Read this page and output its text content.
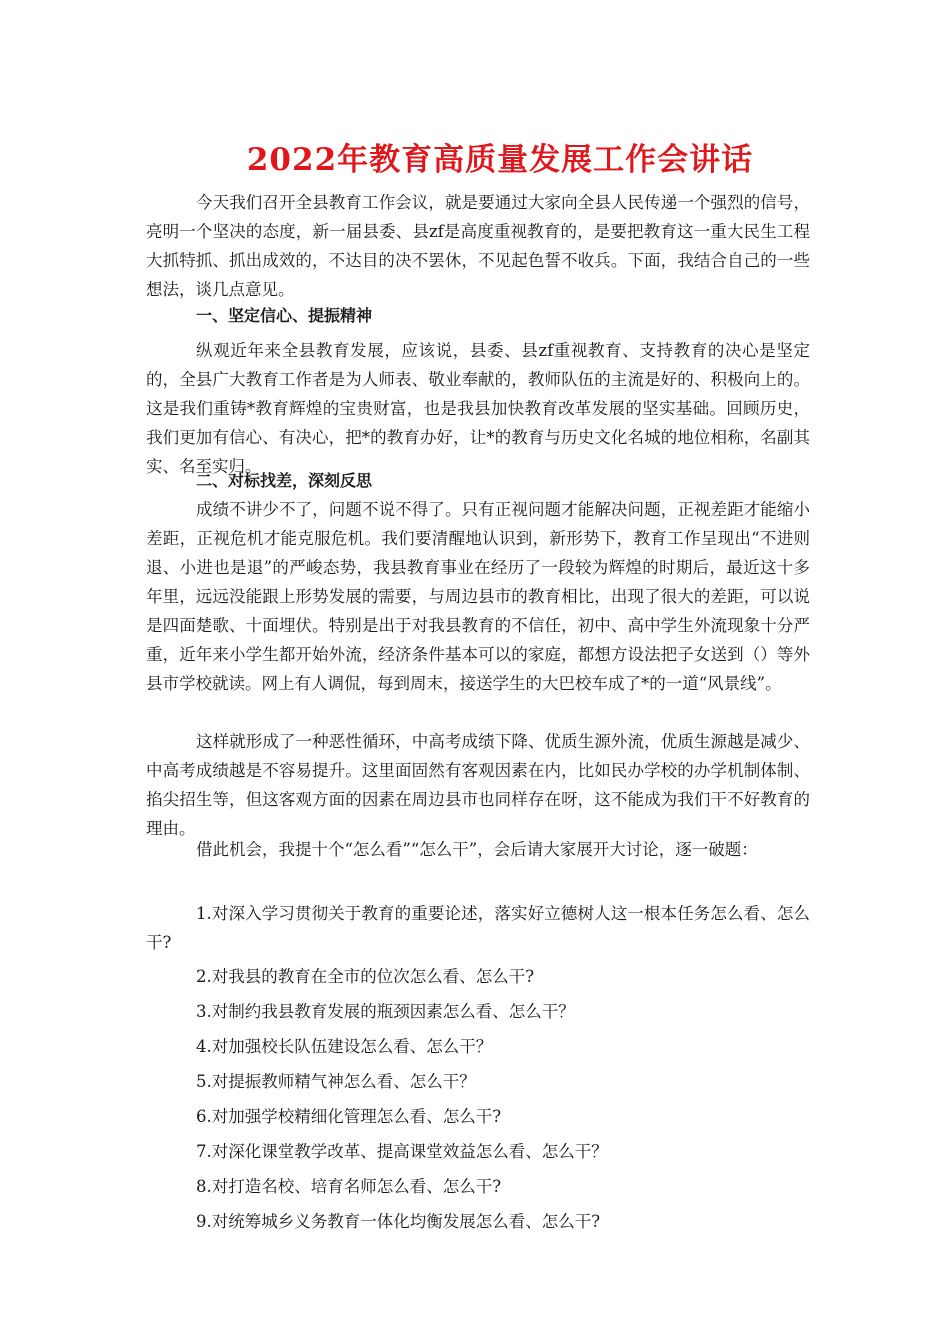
2022年教育高质量发展工作会讲话

今天我们召开全县教育工作会议，就是要通过大家向全县人民传递一个强烈的信号，亮明一个坚决的态度，新一届县委、县zf是高度重视教育的，是要把教育这一重大民生工程大抓特抓、抓出成效的，不达目的决不罢休，不见起色誓不收兵。下面，我结合自己的一些想法，谈几点意见。

一、坚定信心、提振精神

纵观近年来全县教育发展，应该说，县委、县zf重视教育、支持教育的决心是坚定的，全县广大教育工作者是为人师表、敬业奉献的，教师队伍的主流是好的、积极向上的。这是我们重铸*教育辉煌的宝贵财富，也是我县加快教育改革发展的坚实基础。回顾历史，我们更加有信心、有决心，把*的教育办好，让*的教育与历史文化名城的地位相称，名副其实、名至实归。

二、对标找差，深刻反思

成绩不讲少不了，问题不说不得了。只有正视问题才能解决问题，正视差距才能缩小差距，正视危机才能克服危机。我们要清醒地认识到，新形势下，教育工作呈现出“不进则退、小进也是退”的严峻态势，我县教育事业在经历了一段较为辉煌的时期后，最近这十多年里，远远没能跟上形势发展的需要，与周边县市的教育相比，出现了很大的差距，可以说是四面楚歌、十面埋伏。特别是出于对我县教育的不信任，初中、高中学生外流现象十分严重，近年来小学生都开始外流，经济条件基本可以的家庭，都想方设法把子女送到（）等外县市学校就读。网上有人调侃，每到周末，接送学生的大巴校车成了*的一道“风景线”。

这样就形成了一种恶性循环，中高考成绩下降、优质生源外流，优质生源越是减少、中高考成绩越是不容易提升。这里面固然有客观因素在内，比如民办学校的办学机制体制、掐尖招生等，但这客观方面的因素在周边县市也同样存在呀，这不能成为我们干不好教育的理由。

借此机会，我提十个“怎么看”“怎么干”，会后请大家展开大讨论，逐一破题：

1.对深入学习贯彻关于教育的重要论述，落实好立德树人这一根本任务怎么看、怎么干?

2.对我县的教育在全市的位次怎么看、怎么干?

3.对制约我县教育发展的瓶颈因素怎么看、怎么干？

4.对加强校长队伍建设怎么看、怎么干？

5.对提振教师精气神怎么看、怎么干？

6.对加强学校精细化管理怎么看、怎么干?

7.对深化课堂教学改革、提高课堂效益怎么看、怎么干？

8.对打造名校、培育名师怎么看、怎么干?

9.对统筹城乡义务教育一体化均衡发展怎么看、怎么干?
